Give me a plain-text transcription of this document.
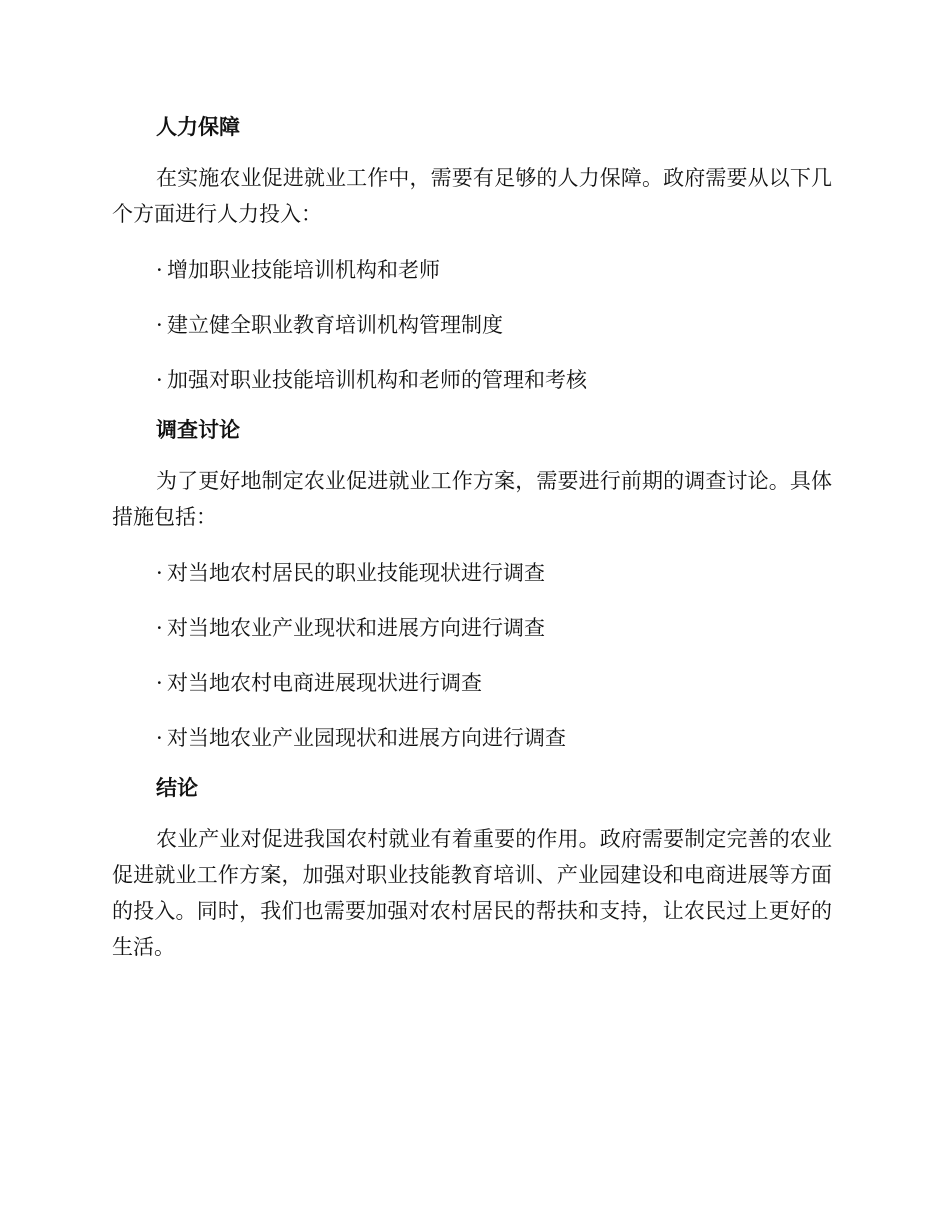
人力保障

在实施农业促进就业工作中，需要有足够的人力保障。政府需要从以下几个方面进行人力投入：

· 增加职业技能培训机构和老师
· 建立健全职业教育培训机构管理制度
· 加强对职业技能培训机构和老师的管理和考核
调查讨论

为了更好地制定农业促进就业工作方案，需要进行前期的调查讨论。具体措施包括：

· 对当地农村居民的职业技能现状进行调查
· 对当地农业产业现状和进展方向进行调查
· 对当地农村电商进展现状进行调查
· 对当地农业产业园现状和进展方向进行调查
结论

农业产业对促进我国农村就业有着重要的作用。政府需要制定完善的农业促进就业工作方案，加强对职业技能教育培训、产业园建设和电商进展等方面的投入。同时，我们也需要加强对农村居民的帮扶和支持，让农民过上更好的生活。
